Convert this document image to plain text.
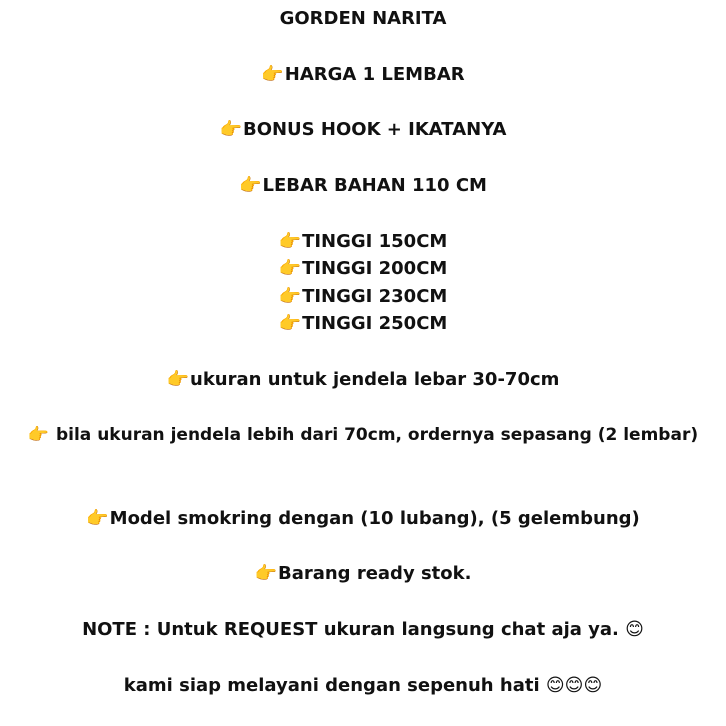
GORDEN NARITA
👉HARGA 1 LEMBAR
👉BONUS HOOK + IKATANYA
👉LEBAR BAHAN 110 CM
👉TINGGI 150CM
👉TINGGI 200CM
👉TINGGI 230CM
👉TINGGI 250CM
👉ukuran untuk jendela lebar 30-70cm
👉 bila ukuran jendela lebih dari 70cm, ordernya sepasang (2 lembar)
👉Model smokring dengan (10 lubang), (5 gelembung)
👉Barang ready stok.
NOTE : Untuk REQUEST ukuran langsung chat aja ya. 😊
kami siap melayani dengan sepenuh hati 😊😊😊
